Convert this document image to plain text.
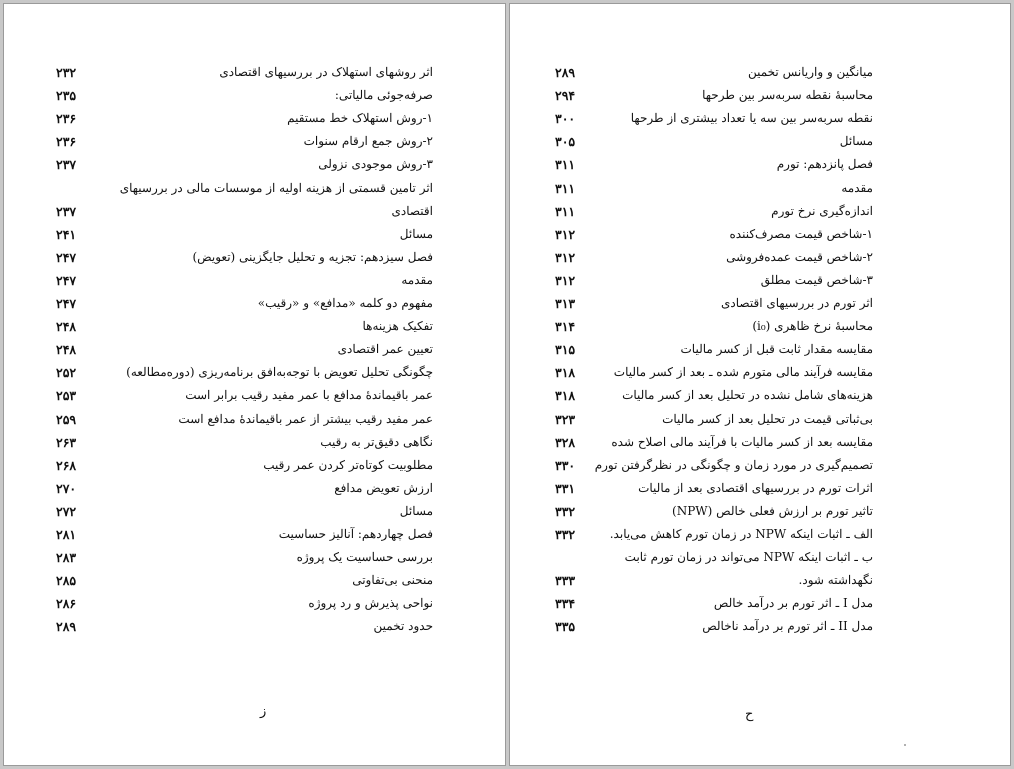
ز
اثر روشهای استهلاک در بررسیهای اقتصادی
۲۳۲
صرفه‌جوئی مالیاتی:
۲۳۵
۱-روش استهلاک خط مستقیم
۲۳۶
۲-روش جمع ارقام سنوات
۲۳۶
۳-روش موجودی نزولی
۲۳۷
اثر تامین قسمتی از هزینه اولیه از موسسات مالی در بررسیهای
اقتصادی
۲۳۷
مسائل
۲۴۱
فصل سیزدهم: تجزیه و تحلیل جایگزینی (تعویض)
۲۴۷
مقدمه
۲۴۷
مفهوم دو کلمه «مدافع» و «رقیب»
۲۴۷
تفکیک هزینه‌ها
۲۴۸
تعیین عمر اقتصادی
۲۴۸
چگونگی تحلیل تعویض با توجه‌به‌افق برنامه‌ریزی (دوره‌مطالعه)
۲۵۲
عمر باقیماندهٔ مدافع با عمر مفید رقیب برابر است
۲۵۳
عمر مفید رقیب بیشتر از عمر باقیماندهٔ مدافع است
۲۵۹
نگاهی دقیق‌تر به رقیب
۲۶۳
مطلوبیت کوتاه‌تر کردن عمر رقیب
۲۶۸
ارزش تعویض مدافع
۲۷۰
مسائل
۲۷۲
فصل چهاردهم: آنالیز حساسیت
۲۸۱
بررسی حساسیت یک پروژه
۲۸۳
منحنی بی‌تفاوتی
۲۸۵
نواحی پذیرش و رد پروژه
۲۸۶
حدود تخمین
۲۸۹
ح
میانگین و واریانس تخمین
۲۸۹
محاسبهٔ نقطه سربه‌سر بین طرحها
۲۹۴
نقطه سربه‌سر بین سه یا تعداد بیشتری از طرحها
۳۰۰
مسائل
۳۰۵
فصل پانزدهم: تورم
۳۱۱
مقدمه
۳۱۱
اندازه‌گیری نرخ تورم
۳۱۱
۱-شاخص قیمت مصرف‌کننده
۳۱۲
۲-شاخص قیمت عمده‌فروشی
۳۱۲
۳-شاخص قیمت مطلق
۳۱۲
اثر تورم در بررسیهای اقتصادی
۳۱۳
محاسبهٔ نرخ ظاهری (i₀)
۳۱۴
مقایسه مقدار ثابت قبل از کسر مالیات
۳۱۵
مقایسه فرآیند مالی متورم شده ـ بعد از کسر مالیات
۳۱۸
هزینه‌های شامل نشده در تحلیل بعد از کسر مالیات
۳۱۸
بی‌ثباتی قیمت در تحلیل بعد از کسر مالیات
۳۲۳
مقایسه بعد از کسر مالیات با فرآیند مالی اصلاح شده
۳۲۸
تصمیم‌گیری در مورد زمان و چگونگی در نظرگرفتن تورم
۳۳۰
اثرات تورم در بررسیهای اقتصادی بعد از مالیات
۳۳۱
تاثیر تورم بر ارزش فعلی خالص (NPW)
۳۳۲
الف ـ اثبات اینکه NPW در زمان تورم کاهش می‌یابد.
۳۳۲
ب ـ اثبات اینکه NPW می‌تواند در زمان تورم ثابت
نگهداشته شود.
۳۳۳
مدل I ـ اثر تورم بر درآمد خالص
۳۳۴
مدل II ـ اثر تورم بر درآمد ناخالص
۳۳۵
